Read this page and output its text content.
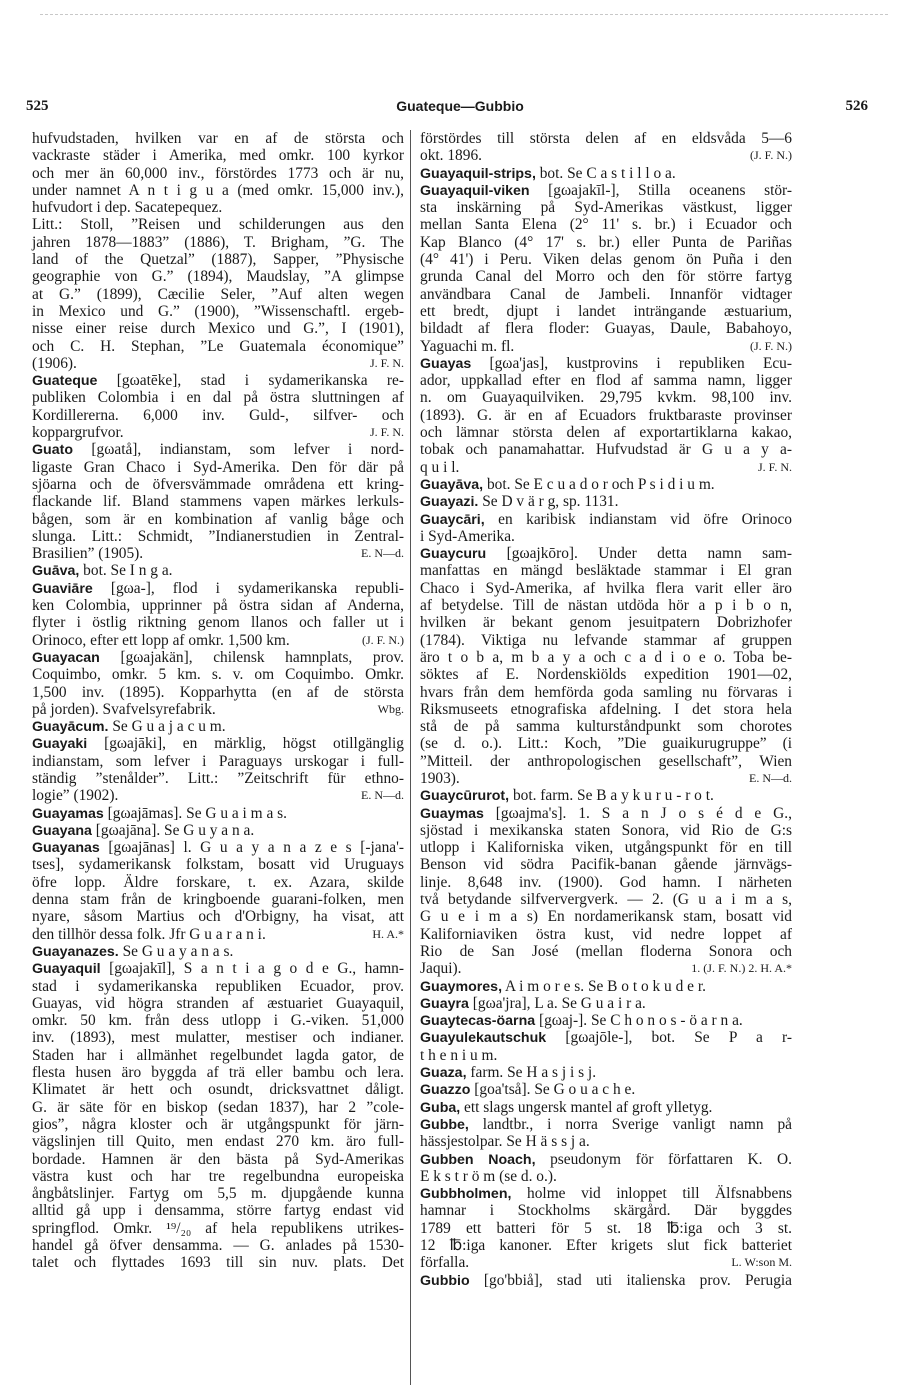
Guateque—Gubbio
525	526
hufvudstaden, hvilken var en af de största och
vackraste städer i Amerika, med omkr. 100 kyrkor
och mer än 60,000 inv., förstördes 1773 och är nu,
under namnet A n t i g u a (med omkr. 15,000 inv.),
hufvudort i dep. Sacatepequez.
Litt.: Stoll, ”Reisen und schilderungen aus den
jahren 1878—1883” (1886), T. Brigham, ”G. The
land of the Quetzal” (1887), Sapper, ”Physische
geographie von G.” (1894), Maudslay, ”A glimpse
at G.” (1899), Cæcilie Seler, ”Auf alten wegen
in Mexico und G.” (1900), ”Wissenschaftl. ergeb-
nisse einer reise durch Mexico und G.”, I (1901),
och C. H. Stephan, ”Le Guatemala économique”
J. F. N.
(1906).
Guateque [gωatēke], stad i sydamerikanska re-
publiken Colombia i en dal på östra sluttningen af
Kordillererna. 6,000 inv. Guld-, silfver- och
J. F. N.
koppargrufvor.
Guato [gωatå], indianstam, som lefver i nord-
ligaste Gran Chaco i Syd-Amerika. Den för där på
sjöarna och de öfversvämmade områdena ett kring-
flackande lif. Bland stammens vapen märkes lerkuls-
bågen, som är en kombination af vanlig båge och
slunga. Litt.: Schmidt, ”Indianerstudien in Zentral-
E. N—d.
Brasilien” (1905).
Guāva, bot. Se I n g a.
Guaviāre [gωa-], flod i sydamerikanska republi-
ken Colombia, upprinner på östra sidan af Anderna,
flyter i östlig riktning genom llanos och faller ut i
(J. F. N.)
Orinoco, efter ett lopp af omkr. 1,500 km.
Guayacan [gωajakän], chilensk hamnplats, prov.
Coquimbo, omkr. 5 km. s. v. om Coquimbo. Omkr.
1,500 inv. (1895). Kopparhytta (en af de största
Wbg.
på jorden). Svafvelsyrefabrik.
Guayācum. Se G u a j a c u m.
Guayaki [gωajāki], en märklig, högst otillgänglig
indianstam, som lefver i Paraguays urskogar i full-
ständig ”stenålder”. Litt.: ”Zeitschrift für ethno-
E. N—d.
logie” (1902).
Guayamas [gωajāmas]. Se G u a i m a s.
Guayana [gωajāna]. Se G u y a n a.
Guayanas [gωajānas] l. G u a y a n a z e s [-jana'-
tses], sydamerikansk folkstam, bosatt vid Uruguays
öfre lopp. Äldre forskare, t. ex. Azara, skilde
denna stam från de kringboende guarani-folken, men
nyare, såsom Martius och d'Orbigny, ha visat, att
H. A.*
den tillhör dessa folk. Jfr G u a r a n i.
Guayanazes. Se G u a y a n a s.
Guayaquil [gωajakīl], S a n t i a g o d e G., hamn-
stad i sydamerikanska republiken Ecuador, prov.
Guayas, vid högra stranden af æstuariet Guayaquil,
omkr. 50 km. från dess utlopp i G.-viken. 51,000
inv. (1893), mest mulatter, mestiser och indianer.
Staden har i allmänhet regelbundet lagda gator, de
flesta husen äro byggda af trä eller bambu och lera.
Klimatet är hett och osundt, dricksvattnet dåligt.
G. är säte för en biskop (sedan 1837), har 2 ”cole-
gios”, några kloster och är utgångspunkt för järn-
vägslinjen till Quito, men endast 270 km. äro full-
bordade. Hamnen är den bästa på Syd-Amerikas
västra kust och har tre regelbundna europeiska
ångbåtslinjer. Fartyg om 5,5 m. djupgående kunna
alltid gå upp i densamma, större fartyg endast vid
springflod. Omkr. ¹⁹/₂₀ af hela republikens utrikes-
handel gå öfver densamma. — G. anlades på 1530-
talet och flyttades 1693 till sin nuv. plats. Det
förstördes till största delen af en eldsvåda 5—6
(J. F. N.)
okt. 1896.
Guayaquil-strips, bot. Se C a s t i l l o a.
Guayaquil-viken [gωajakīl-], Stilla oceanens stör-
sta inskärning på Syd-Amerikas västkust, ligger
mellan Santa Elena (2° 11' s. br.) i Ecuador och
Kap Blanco (4° 17' s. br.) eller Punta de Pariñas
(4° 41') i Peru. Viken delas genom ön Puña i den
grunda Canal del Morro och den för större fartyg
användbara Canal de Jambeli. Innanför vidtager
ett bredt, djupt i landet inträngande æstuarium,
bildadt af flera floder: Guayas, Daule, Babahoyo,
(J. F. N.)
Yaguachi m. fl.
Guayas [gωa'jas], kustprovins i republiken Ecu-
ador, uppkallad efter en flod af samma namn, ligger
n. om Guayaquilviken. 29,795 kvkm. 98,100 inv.
(1893). G. är en af Ecuadors fruktbaraste provinser
och lämnar största delen af exportartiklarna kakao,
tobak och panamahattar. Hufvudstad är G u a y a-
J. F. N.
q u i l.
Guayāva, bot. Se E c u a d o r och P s i d i u m.
Guayazi. Se D v ä r g, sp. 1131.
Guaycāri, en karibisk indianstam vid öfre Orinoco
i Syd-Amerika.
Guaycuru [gωajkōro]. Under detta namn sam-
manfattas en mängd besläktade stammar i El gran
Chaco i Syd-Amerika, af hvilka flera varit eller äro
af betydelse. Till de nästan utdöda hör a p i b o n,
hvilken är bekant genom jesuitpatern Dobrizhofer
(1784). Viktiga nu lefvande stammar af gruppen
äro t o b a, m b a y a och c a d i o e o. Toba be-
söktes af E. Nordenskiölds expedition 1901—02,
hvars från dem hemförda goda samling nu förvaras i
Riksmuseets etnografiska afdelning. I det stora hela
stå de på samma kulturståndpunkt som chorotes
(se d. o.). Litt.: Koch, ”Die guaikurugruppe” (i
”Mitteil. der anthropologischen gesellschaft”, Wien
E. N—d.
1903).
Guaycūrurot, bot. farm. Se B a y k u r u - r o t.
Guaymas [gωajma's]. 1. S a n J o s é d e G.,
sjöstad i mexikanska staten Sonora, vid Rio de G:s
utlopp i Kaliforniska viken, utgångspunkt för en till
Benson vid södra Pacifik-banan gående järnvägs-
linje. 8,648 inv. (1900). God hamn. I närheten
två betydande silfververgverk. — 2. (G u a i m a s,
G u e i m a s) En nordamerikansk stam, bosatt vid
Kaliforniaviken östra kust, vid nedre loppet af
Rio de San José (mellan floderna Sonora och
1. (J. F. N.) 2. H. A.*
Jaqui).
Guaymores, A i m o r e s. Se B o t o k u d e r.
Guayra [gωa'jra], L a. Se G u a i r a.
Guaytecas-öarna [gωaj-]. Se C h o n o s - ö a r n a.
Guayulekautschuk [gωajōle-], bot. Se P a r-
t h e n i u m.
Guaza, farm. Se H a s j i s j.
Guazzo [goa'tså]. Se G o u a c h e.
Guba, ett slags ungersk mantel af groft ylletyg.
Gubbe, landtbr., i norra Sverige vanligt namn på
hässjestolpar. Se H ä s s j a.
Gubben Noach, pseudonym för författaren K. O.
E k s t r ö m (se d. o.).
Gubbholmen, holme vid inloppet till Älfsnabbens
hamnar i Stockholms skärgård. Där byggdes
1789 ett batteri för 5 st. 18 ℔:iga och 3 st.
12 ℔:iga kanoner. Efter krigets slut fick batteriet
L. W:son M.
förfalla.
Gubbio [go'bbiå], stad uti italienska prov. Perugia
